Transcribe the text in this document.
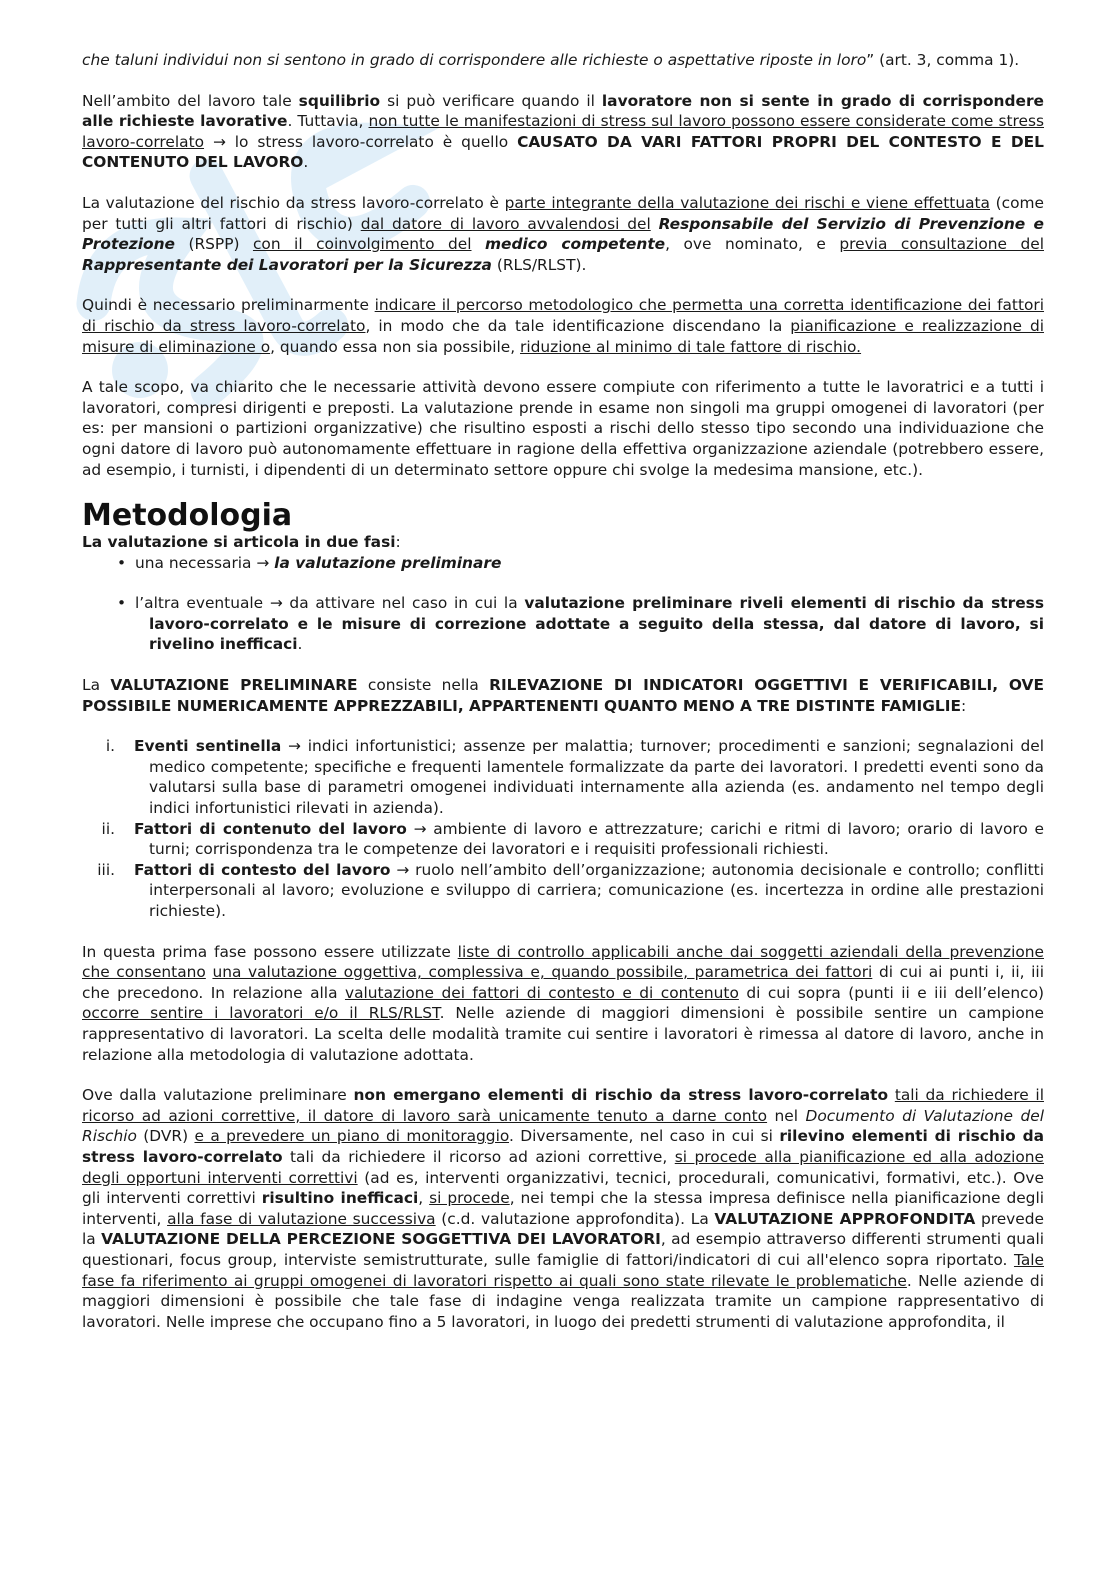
che taluni individui non si sentono in grado di corrispondere alle richieste o aspettative riposte in loro” (art. 3, comma 1).

Nell’ambito del lavoro tale squilibrio si può verificare quando il lavoratore non si sente in grado di corrispondere alle richieste lavorative. Tuttavia, non tutte le manifestazioni di stress sul lavoro possono essere considerate come stress lavoro-correlato → lo stress lavoro-correlato è quello CAUSATO DA VARI FATTORI PROPRI DEL CONTESTO E DEL CONTENUTO DEL LAVORO.

La valutazione del rischio da stress lavoro-correlato è parte integrante della valutazione dei rischi e viene effettuata (come per tutti gli altri fattori di rischio) dal datore di lavoro avvalendosi del Responsabile del Servizio di Prevenzione e Protezione (RSPP) con il coinvolgimento del medico competente, ove nominato, e previa consultazione del Rappresentante dei Lavoratori per la Sicurezza (RLS/RLST).

Quindi è necessario preliminarmente indicare il percorso metodologico che permetta una corretta identificazione dei fattori di rischio da stress lavoro-correlato, in modo che da tale identificazione discendano la pianificazione e realizzazione di misure di eliminazione o, quando essa non sia possibile, riduzione al minimo di tale fattore di rischio.

A tale scopo, va chiarito che le necessarie attività devono essere compiute con riferimento a tutte le lavoratrici e a tutti i lavoratori, compresi dirigenti e preposti. La valutazione prende in esame non singoli ma gruppi omogenei di lavoratori (per es: per mansioni o partizioni organizzative) che risultino esposti a rischi dello stesso tipo secondo una individuazione che ogni datore di lavoro può autonomamente effettuare in ragione della effettiva organizzazione aziendale (potrebbero essere, ad esempio, i turnisti, i dipendenti di un determinato settore oppure chi svolge la medesima mansione, etc.).

Metodologia
La valutazione si articola in due fasi:
• una necessaria → la valutazione preliminare
• l’altra eventuale → da attivare nel caso in cui la valutazione preliminare riveli elementi di rischio da stress lavoro-correlato e le misure di correzione adottate a seguito della stessa, dal datore di lavoro, si rivelino inefficaci.

La VALUTAZIONE PRELIMINARE consiste nella RILEVAZIONE DI INDICATORI OGGETTIVI E VERIFICABILI, OVE POSSIBILE NUMERICAMENTE APPREZZABILI, APPARTENENTI QUANTO MENO A TRE DISTINTE FAMIGLIE:

i. Eventi sentinella → indici infortunistici; assenze per malattia; turnover; procedimenti e sanzioni; segnalazioni del medico competente; specifiche e frequenti lamentele formalizzate da parte dei lavoratori. I predetti eventi sono da valutarsi sulla base di parametri omogenei individuati internamente alla azienda (es. andamento nel tempo degli indici infortunistici rilevati in azienda).
ii. Fattori di contenuto del lavoro → ambiente di lavoro e attrezzature; carichi e ritmi di lavoro; orario di lavoro e turni; corrispondenza tra le competenze dei lavoratori e i requisiti professionali richiesti.
iii. Fattori di contesto del lavoro → ruolo nell’ambito dell’organizzazione; autonomia decisionale e controllo; conflitti interpersonali al lavoro; evoluzione e sviluppo di carriera; comunicazione (es. incertezza in ordine alle prestazioni richieste).

In questa prima fase possono essere utilizzate liste di controllo applicabili anche dai soggetti aziendali della prevenzione che consentano una valutazione oggettiva, complessiva e, quando possibile, parametrica dei fattori di cui ai punti i, ii, iii che precedono. In relazione alla valutazione dei fattori di contesto e di contenuto di cui sopra (punti ii e iii dell’elenco) occorre sentire i lavoratori e/o il RLS/RLST. Nelle aziende di maggiori dimensioni è possibile sentire un campione rappresentativo di lavoratori. La scelta delle modalità tramite cui sentire i lavoratori è rimessa al datore di lavoro, anche in relazione alla metodologia di valutazione adottata.

Ove dalla valutazione preliminare non emergano elementi di rischio da stress lavoro-correlato tali da richiedere il ricorso ad azioni correttive, il datore di lavoro sarà unicamente tenuto a darne conto nel Documento di Valutazione del Rischio (DVR) e a prevedere un piano di monitoraggio. Diversamente, nel caso in cui si rilevino elementi di rischio da stress lavoro-correlato tali da richiedere il ricorso ad azioni correttive, si procede alla pianificazione ed alla adozione degli opportuni interventi correttivi (ad es, interventi organizzativi, tecnici, procedurali, comunicativi, formativi, etc.). Ove gli interventi correttivi risultino inefficaci, si procede, nei tempi che la stessa impresa definisce nella pianificazione degli interventi, alla fase di valutazione successiva (c.d. valutazione approfondita). La VALUTAZIONE APPROFONDITA prevede la VALUTAZIONE DELLA PERCEZIONE SOGGETTIVA DEI LAVORATORI, ad esempio attraverso differenti strumenti quali questionari, focus group, interviste semistrutturate, sulle famiglie di fattori/indicatori di cui all'elenco sopra riportato. Tale fase fa riferimento ai gruppi omogenei di lavoratori rispetto ai quali sono state rilevate le problematiche. Nelle aziende di maggiori dimensioni è possibile che tale fase di indagine venga realizzata tramite un campione rappresentativo di lavoratori. Nelle imprese che occupano fino a 5 lavoratori, in luogo dei predetti strumenti di valutazione approfondita, il
